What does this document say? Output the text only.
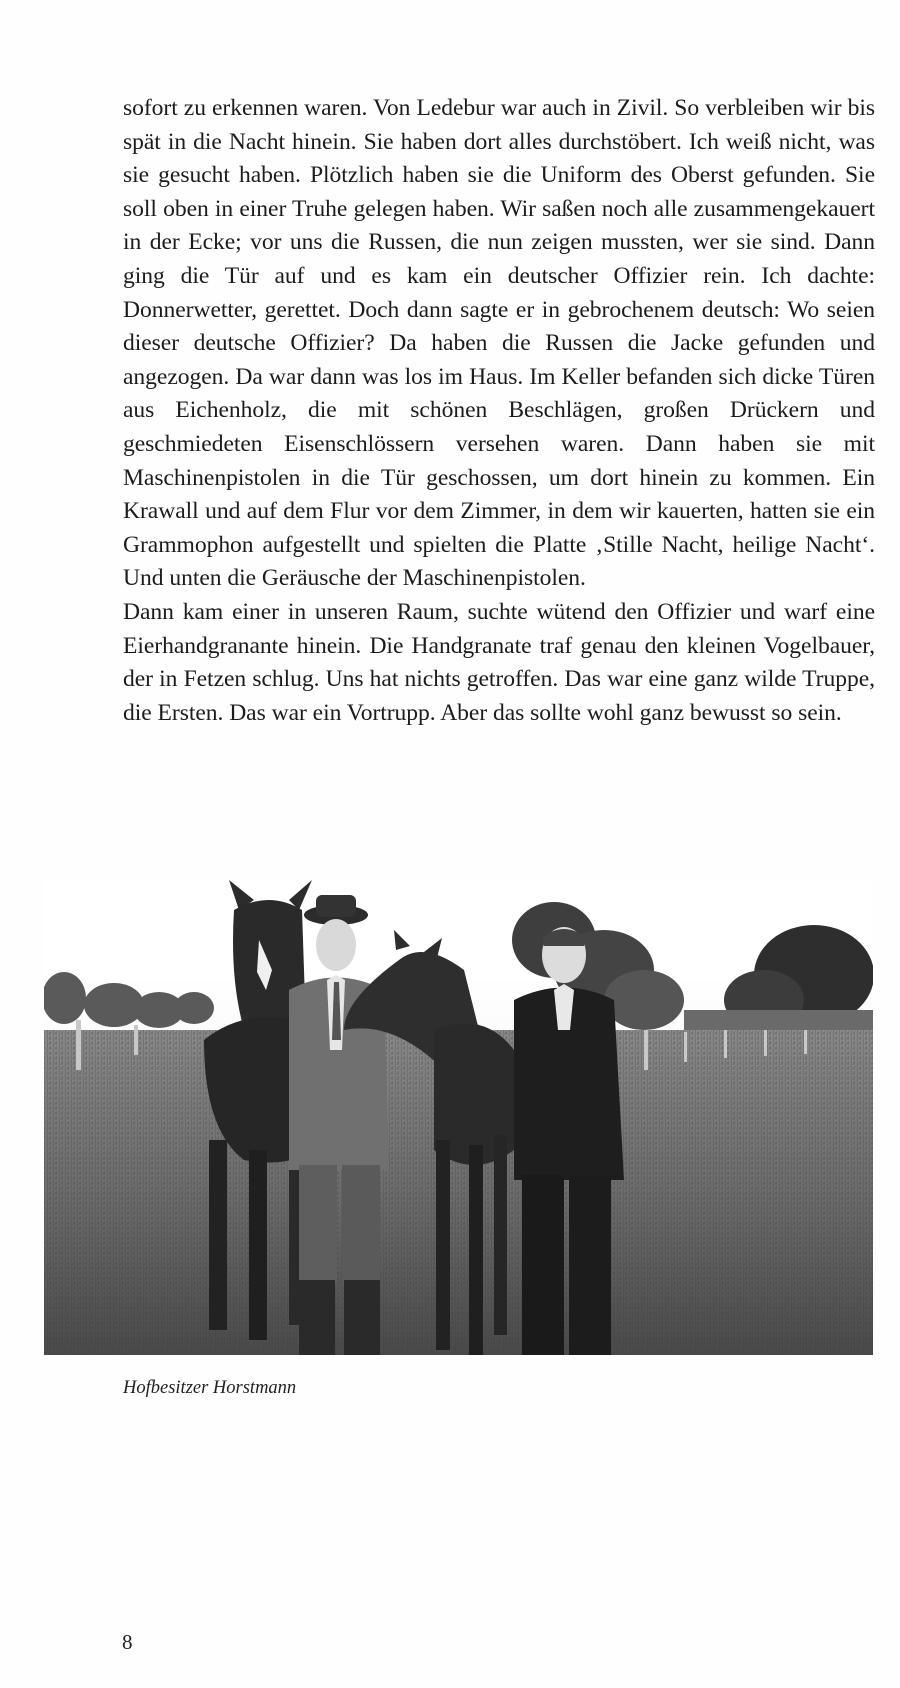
sofort zu erkennen waren. Von Ledebur war auch in Zivil. So verbleiben wir bis spät in die Nacht hinein. Sie haben dort alles durchstöbert. Ich weiß nicht, was sie gesucht haben. Plötzlich haben sie die Uniform des Oberst gefunden. Sie soll oben in einer Truhe gelegen haben. Wir saßen noch alle zusammengekauert in der Ecke; vor uns die Russen, die nun zeigen mussten, wer sie sind. Dann ging die Tür auf und es kam ein deutscher Offizier rein. Ich dachte: Donnerwetter, gerettet. Doch dann sagte er in gebrochenem deutsch: Wo seien dieser deutsche Offizier? Da haben die Russen die Jacke gefunden und angezogen. Da war dann was los im Haus. Im Keller befanden sich dicke Türen aus Eichenholz, die mit schönen Beschlägen, großen Drückern und geschmiedeten Eisenschlössern versehen waren. Dann haben sie mit Maschinenpistolen in die Tür geschossen, um dort hinein zu kommen. Ein Krawall und auf dem Flur vor dem Zimmer, in dem wir kauerten, hatten sie ein Grammophon aufgestellt und spielten die Platte ‚Stille Nacht, heilige Nacht‘. Und unten die Geräusche der Maschinenpistolen.

Dann kam einer in unseren Raum, suchte wütend den Offizier und warf eine Eierhandgranante hinein. Die Handgranate traf genau den kleinen Vogelbauer, der in Fetzen schlug. Uns hat nichts getroffen. Das war eine ganz wilde Truppe, die Ersten. Das war ein Vortrupp. Aber das sollte wohl ganz bewusst so sein.

Hofbesitzer Horstmann
8
